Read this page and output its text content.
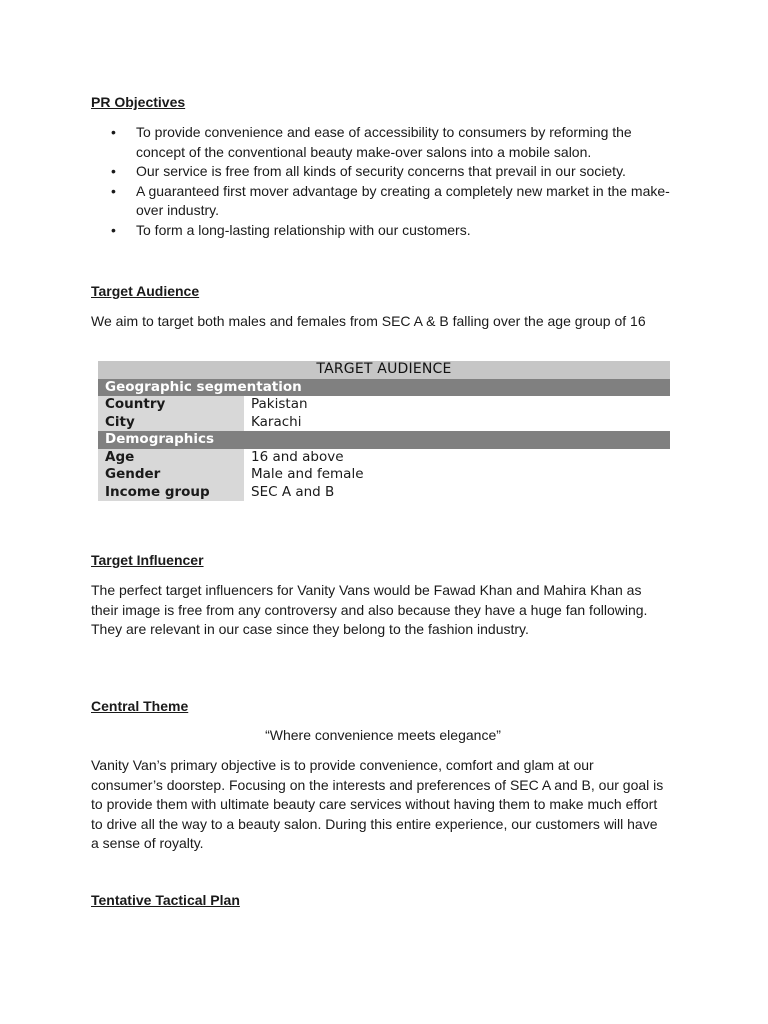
PR Objectives
• To provide convenience and ease of accessibility to consumers by reforming the concept of the conventional beauty make-over salons into a mobile salon.
• Our service is free from all kinds of security concerns that prevail in our society.
• A guaranteed first mover advantage by creating a completely new market in the make-over industry.
• To form a long-lasting relationship with our customers.
Target Audience
We aim to target both males and females from SEC A & B falling over the age group of 16
TARGET AUDIENCE	
Geographic segmentation	
Country	Pakistan
City	Karachi
Demographics	
Age	16 and above
Gender	Male and female
Income group	SEC A and B
Target Influencer
The perfect target influencers for Vanity Vans would be Fawad Khan and Mahira Khan as their image is free from any controversy and also because they have a huge fan following. They are relevant in our case since they belong to the fashion industry.
Central Theme
“Where convenience meets elegance”
Vanity Van’s primary objective is to provide convenience, comfort and glam at our consumer’s doorstep. Focusing on the interests and preferences of SEC A and B, our goal is to provide them with ultimate beauty care services without having them to make much effort to drive all the way to a beauty salon. During this entire experience, our customers will have a sense of royalty.
Tentative Tactical Plan
